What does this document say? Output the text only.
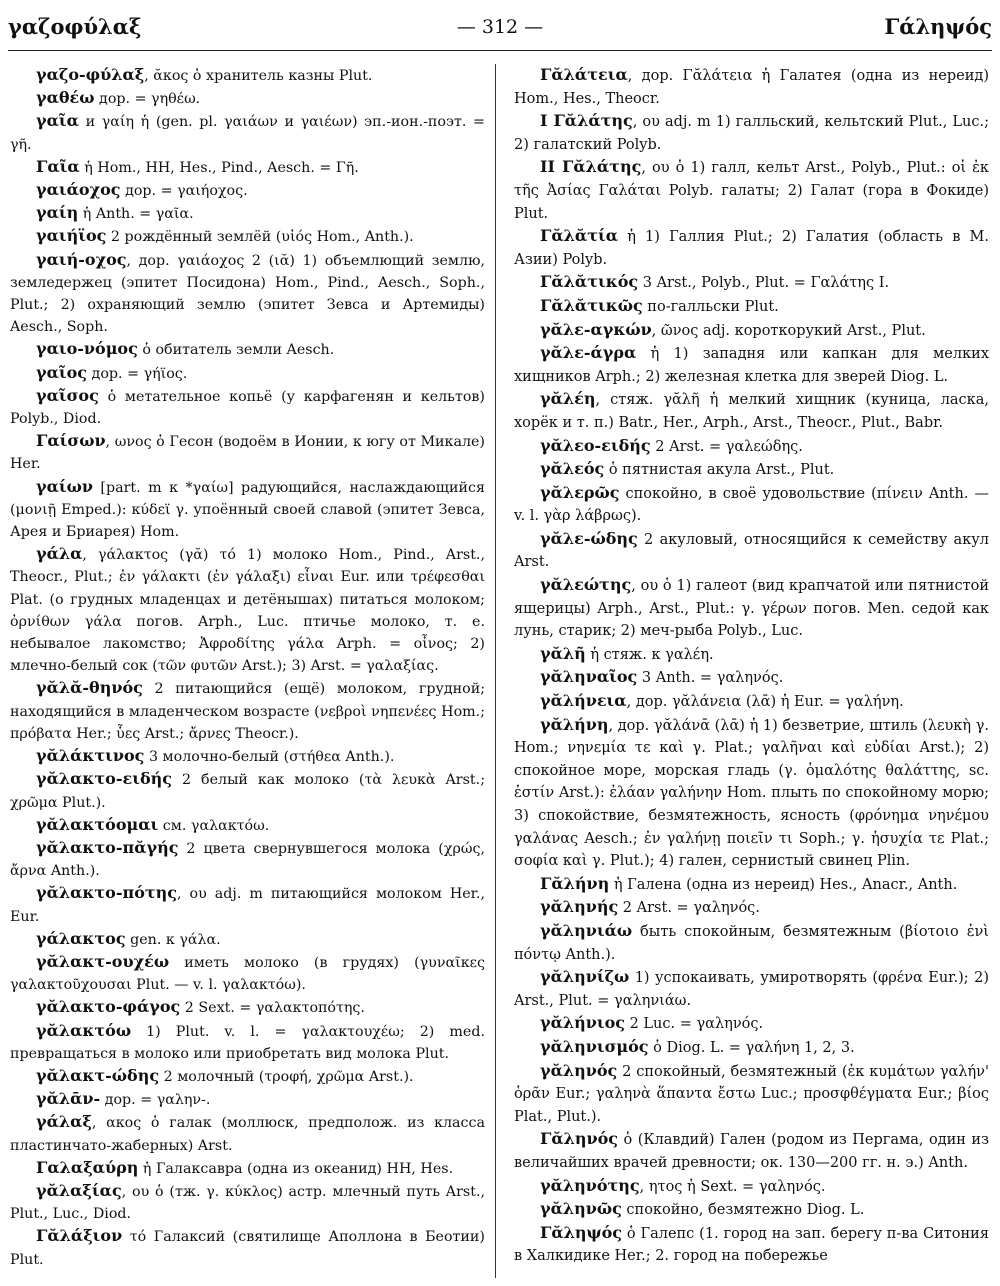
γαζοφύλαξ	— 312 —	Γάληψός

γαζο-φύλαξ, ᾰκος ὁ хранитель казны Plut.

γαθέω дор. = γηθέω.

γαῖα и γαίη ἡ (gen. pl. γαιάων и γαιέων) эп.-ион.-поэт. = γῆ.

Γαῖα ἡ Hom., HH, Hes., Pind., Aesch. = Γῆ.

γαιάοχος дор. = γαιήοχος.

γαίη ἡ Anth. = γαῖα.

γαιήϊος 2 рождённый землёй (υἱός Hom., Anth.).

γαιή-οχος, дор. γαιάοχος 2 (ιᾰ) 1) объемлющий землю, земледержец (эпитет Посидона) Hom., Pind., Aesch., Soph., Plut.; 2) охраняющий землю (эпитет Зевса и Артемиды) Aesch., Soph.

γαιο-νόμος ὁ обитатель земли Aesch.

γαῖος дор. = γήϊος.

γαῖσος ὁ метательное копьё (у карфагенян и кельтов) Polyb., Diod.

Γαίσων, ωνος ὁ Гесон (водоём в Ионии, к югу от Микале) Her.

γαίων [part. m к *γαίω] радующийся, наслаждающийся (μονιῇ Emped.): κύδεϊ γ. упоённый своей славой (эпитет Зевса, Арея и Бриарея) Hom.

γάλα, γάλακτος (γᾰ) τό 1) молоко Hom., Pind., Arst., Theocr., Plut.; ἐν γάλακτι (ἐν γάλαξι) εἶναι Eur. или τρέφεσθαι Plat. (о грудных младенцах и детёнышах) питаться молоком; ὀρνίθων γάλα погов. Arph., Luc. птичье молоко, т. е. небывалое лакомство; Ἀφροδίτης γάλα Arph. = οἶνος; 2) млечно-белый сок (τῶν φυτῶν Arst.); 3) Arst. = γαλαξίας.

γᾰλᾰ-θηνός 2 питающийся (ещё) молоком, грудной; находящийся в младенческом возрасте (νεβροὶ νηπενέες Hom.; πρόβατα Her.; ὗες Arst.; ἄρνες Theocr.).

γᾰλάκτινος 3 молочно-белый (στήθεα Anth.).

γᾰλακτο-ειδής 2 белый как молоко (τὰ λευκὰ Arst.; χρῶμα Plut.).

γᾰλακτόομαι см. γαλακτόω.

γᾰλακτο-πᾰγής 2 цвета свернувшегося молока (χρώς, ἄρνα Anth.).

γᾰλακτο-πότης, ου adj. m питающийся молоком Her., Eur.

γάλακτος gen. к γάλα.

γᾰλακτ-ουχέω иметь молоко (в грудях) (γυναῖκες γαλακτοῦχουσαι Plut. — v. l. γαλακτόω).

γᾰλακτο-φάγος 2 Sext. = γαλακτοπότης.

γᾰλακτόω 1) Plut. v. l. = γαλακτουχέω; 2) med. превращаться в молоко или приобретать вид молока Plut.

γᾰλακτ-ώδης 2 молочный (τροφή, χρῶμα Arst.).

γᾰλᾱν- дор. = γαλην-.

γάλαξ, ακος ὁ галак (моллюск, предполож. из класса пластинчато-жаберных) Arst.

Γαλαξαύρη ἡ Галаксавра (одна из океанид) HH, Hes.

γᾰλαξίας, ου ὁ (тж. γ. κύκλος) астр. млечный путь Arst., Plut., Luc., Diod.

Γᾰλάξιον τό Галаксий (святилище Аполлона в Беотии) Plut.

Γᾰλάτεια, дор. Γᾰλάτεια ἡ Галатея (одна из нереид) Hom., Hes., Theocr.

I Γᾰλάτης, ου adj. m 1) галльский, кельтский Plut., Luc.; 2) галатский Polyb.

II Γᾰλάτης, ου ὁ 1) галл, кельт Arst., Polyb., Plut.: οἱ ἐκ τῆς Ἀσίας Γαλάται Polyb. галаты; 2) Галат (гора в Фокиде) Plut.

Γᾰλᾰτία ἡ 1) Галлия Plut.; 2) Галатия (область в М. Азии) Polyb.

Γᾰλᾰτικός 3 Arst., Polyb., Plut. = Γαλάτης I.

Γᾰλᾰτικῶς по-галльски Plut.

γᾰλε-αγκών, ῶνος adj. короткорукий Arst., Plut.

γᾰλε-άγρα ἡ 1) западня или капкан для мелких хищников Arph.; 2) железная клетка для зверей Diog. L.

γᾰλέη, стяж. γᾰλῆ ἡ мелкий хищник (куница, ласка, хорёк и т. п.) Batr., Her., Arph., Arst., Theocr., Plut., Babr.

γᾰλεο-ειδής 2 Arst. = γαλεώδης.

γᾰλεός ὁ пятнистая акула Arst., Plut.

γᾰλερῶς спокойно, в своё удовольствие (πίνειν Anth. — v. l. γὰρ λάβρως).

γᾰλε-ώδης 2 акуловый, относящийся к семейству акул Arst.

γᾰλεώτης, ου ὁ 1) галеот (вид крапчатой или пятнистой ящерицы) Arph., Arst., Plut.: γ. γέρων погов. Men. седой как лунь, старик; 2) меч-рыба Polyb., Luc.

γᾰλῆ ἡ стяж. к γαλέη.

γᾰληναῖος 3 Anth. = γαληνός.

γᾰλήνεια, дор. γᾰλάνεια (λᾱ) ἡ Eur. = γαλήνη.

γᾰλήνη, дор. γᾰλάνᾱ (λᾱ) ἡ 1) безветрие, штиль (λευκὴ γ. Hom.; νηνεμία τε καὶ γ. Plat.; γαλῆναι καὶ εὐδίαι Arst.); 2) спокойное море, морская гладь (γ. ὁμαλότης θαλάττης, sc. ἐστίν Arst.): ἐλάαν γαλήνην Hom. плыть по спокойному морю; 3) спокойствие, безмятежность, ясность (φρόνημα νηνέμου γαλάνας Aesch.; ἐν γαλήνῃ ποιεῖν τι Soph.; γ. ἡσυχία τε Plat.; σοφία καὶ γ. Plut.); 4) гален, сернистый свинец Plin.

Γᾰλήνη ἡ Галена (одна из нереид) Hes., Anacr., Anth.

γᾰληνής 2 Arst. = γαληνός.

γᾰληνιάω быть спокойным, безмятежным (βίοτοιο ἐνὶ πόντῳ Anth.).

γᾰληνίζω 1) успокаивать, умиротворять (φρένα Eur.); 2) Arst., Plut. = γαληνιάω.

γᾰλήνιος 2 Luc. = γαληνός.

γᾰληνισμός ὁ Diog. L. = γαλήνη 1, 2, 3.

γᾰληνός 2 спокойный, безмятежный (ἐκ κυμάτων γαλήν' ὁρᾶν Eur.; γαληνὰ ἅπαντα ἔστω Luc.; προσφθέγματα Eur.; βίος Plat., Plut.).

Γᾰληνός ὁ (Клавдий) Гален (родом из Пергама, один из величайших врачей древности; ок. 130—200 гг. н. э.) Anth.

γᾰληνότης, ητος ἡ Sext. = γαληνός.

γᾰληνῶς спокойно, безмятежно Diog. L.

Γᾰληψός ὁ Галепс (1. город на зап. берегу п-ва Ситония в Халкидике Her.; 2. город на побережье
